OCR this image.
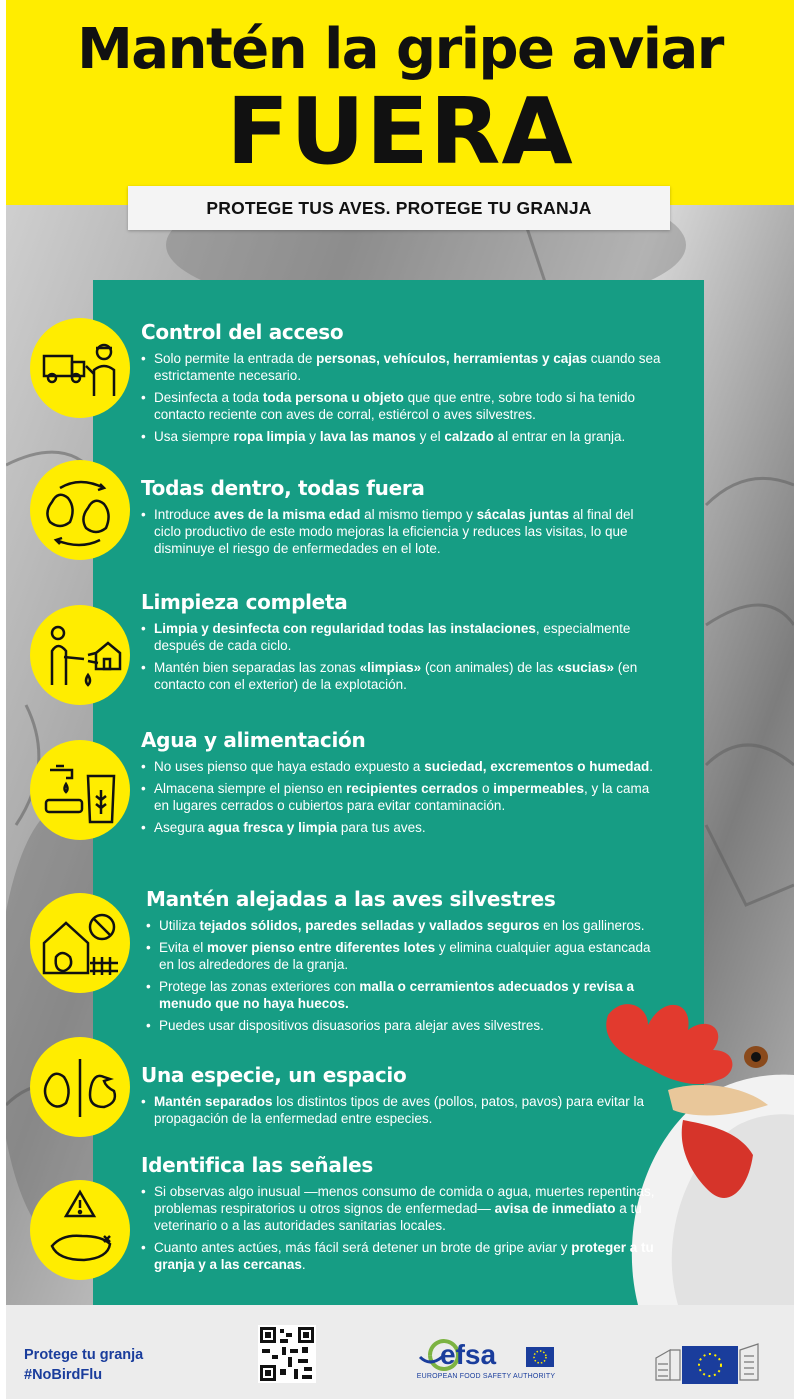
Mantén la gripe aviar
FUERA
PROTEGE TUS AVES. PROTEGE TU GRANJA
Control del acceso
• Solo permite la entrada de personas, vehículos, herramientas y cajas cuando sea estrictamente necesario.
• Desinfecta a toda toda persona u objeto que que entre, sobre todo si ha tenido contacto reciente con aves de corral, estiércol o aves silvestres.
• Usa siempre ropa limpia y lava las manos y el calzado al entrar en la granja.
Todas dentro, todas fuera
• Introduce aves de la misma edad al mismo tiempo y sácalas juntas al final del ciclo productivo de este modo mejoras la eficiencia y reduces las visitas, lo que disminuye el riesgo de enfermedades en el lote.
Limpieza completa
• Limpia y desinfecta con regularidad todas las instalaciones, especialmente después de cada ciclo.
• Mantén bien separadas las zonas «limpias» (con animales) de las «sucias» (en contacto con el exterior) de la explotación.
Agua y alimentación
• No uses pienso que haya estado expuesto a suciedad, excrementos o humedad.
• Almacena siempre el pienso en recipientes cerrados o impermeables, y la cama en lugares cerrados o cubiertos para evitar contaminación.
• Asegura agua fresca y limpia para tus aves.
Mantén alejadas a las aves silvestres
• Utiliza tejados sólidos, paredes selladas y vallados seguros en los gallineros.
• Evita el mover pienso entre diferentes lotes y elimina cualquier agua estancada en los alrededores de la granja.
• Protege las zonas exteriores con malla o cerramientos adecuados y revisa a menudo que no haya huecos.
• Puedes usar dispositivos disuasorios para alejar aves silvestres.
Una especie, un espacio
• Mantén separados los distintos tipos de aves (pollos, patos, pavos) para evitar la propagación de la enfermedad entre especies.
Identifica las señales
• Si observas algo inusual —menos consumo de comida o agua, muertes repentinas, problemas respiratorios u otros signos de enfermedad— avisa de inmediato a tu veterinario o a las autoridades sanitarias locales.
• Cuanto antes actúes, más fácil será detener un brote de gripe aviar y proteger a tu granja y a las cercanas.
Protege tu granja
#NoBirdFlu
efsa
EUROPEAN FOOD SAFETY AUTHORITY
